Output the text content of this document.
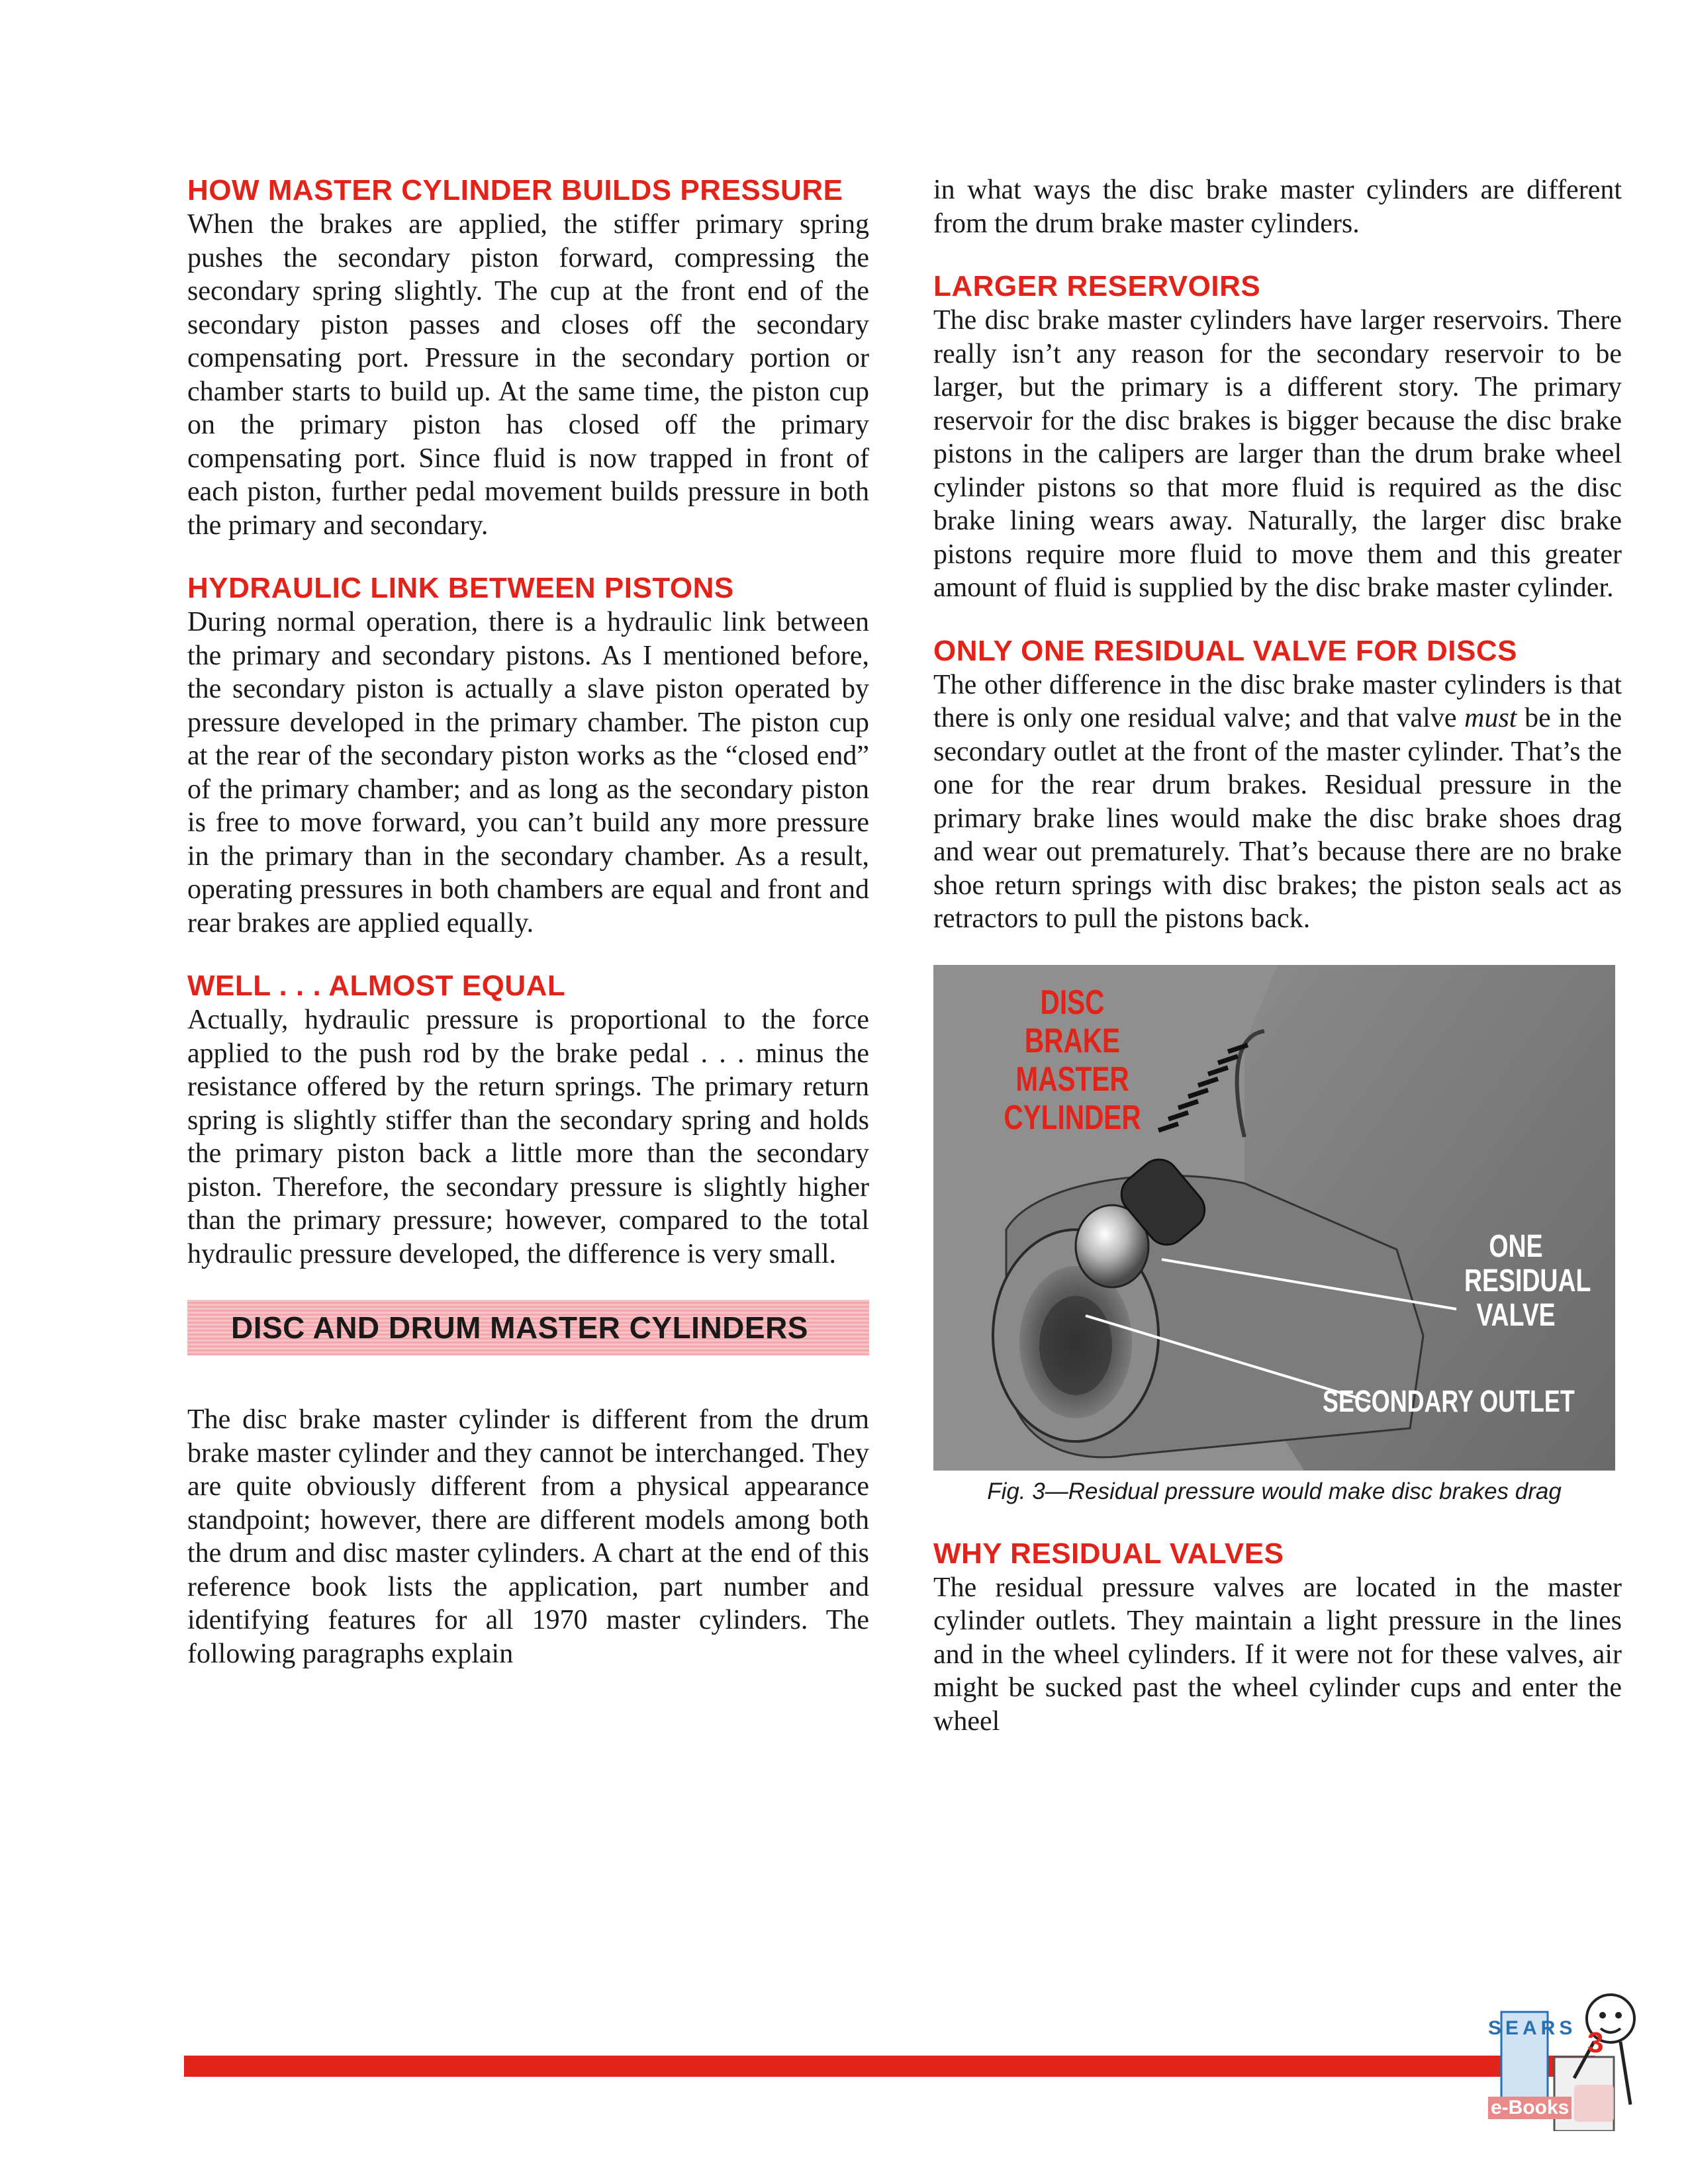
HOW MASTER CYLINDER BUILDS PRESSURE

When the brakes are applied, the stiffer primary spring pushes the secondary piston forward, compressing the secondary spring slightly. The cup at the front end of the secondary piston passes and closes off the secondary compensating port. Pressure in the secondary portion or chamber starts to build up. At the same time, the piston cup on the primary piston has closed off the primary compensating port. Since fluid is now trapped in front of each piston, further pedal movement builds pressure in both the primary and secondary.

HYDRAULIC LINK BETWEEN PISTONS

During normal operation, there is a hydraulic link between the primary and secondary pistons. As I mentioned before, the secondary piston is actually a slave piston operated by pressure developed in the primary chamber. The piston cup at the rear of the secondary piston works as the “closed end” of the primary chamber; and as long as the secondary piston is free to move forward, you can’t build any more pressure in the primary than in the secondary chamber. As a result, operating pressures in both chambers are equal and front and rear brakes are applied equally.

WELL . . . ALMOST EQUAL

Actually, hydraulic pressure is proportional to the force applied to the push rod by the brake pedal . . . minus the resistance offered by the return springs. The primary return spring is slightly stiffer than the secondary spring and holds the primary piston back a little more than the secondary piston. Therefore, the secondary pressure is slightly higher than the primary pressure; however, compared to the total hydraulic pressure developed, the difference is very small.

DISC AND DRUM MASTER CYLINDERS

The disc brake master cylinder is different from the drum brake master cylinder and they cannot be interchanged. They are quite obviously different from a physical appearance standpoint; however, there are different models among both the drum and disc master cylinders. A chart at the end of this reference book lists the application, part number and identifying features for all 1970 master cylinders. The following paragraphs explain

in what ways the disc brake master cylinders are different from the drum brake master cylinders.

LARGER RESERVOIRS

The disc brake master cylinders have larger reservoirs. There really isn’t any reason for the secondary reservoir to be larger, but the primary is a different story. The primary reservoir for the disc brakes is bigger because the disc brake pistons in the calipers are larger than the drum brake wheel cylinder pistons so that more fluid is required as the disc brake lining wears away. Naturally, the larger disc brake pistons require more fluid to move them and this greater amount of fluid is supplied by the disc brake master cylinder.

ONLY ONE RESIDUAL VALVE FOR DISCS

The other difference in the disc brake master cylinders is that there is only one residual valve; and that valve must be in the secondary outlet at the front of the master cylinder. That’s the one for the rear drum brakes. Residual pressure in the primary brake lines would make the disc brake shoes drag and wear out prematurely. That’s because there are no brake shoe return springs with disc brakes; the piston seals act as retractors to pull the pistons back.

DISC BRAKE
MASTER
CYLINDER
ONE
RESIDUAL
VALVE
SECONDARY OUTLET
Fig. 3—Residual pressure would make disc brakes drag
WHY RESIDUAL VALVES

The residual pressure valves are located in the master cylinder outlets. They maintain a light pressure in the lines and in the wheel cylinders. If it were not for these valves, air might be sucked past the wheel cylinder cups and enter the wheel

3
SEARS
e-Books
